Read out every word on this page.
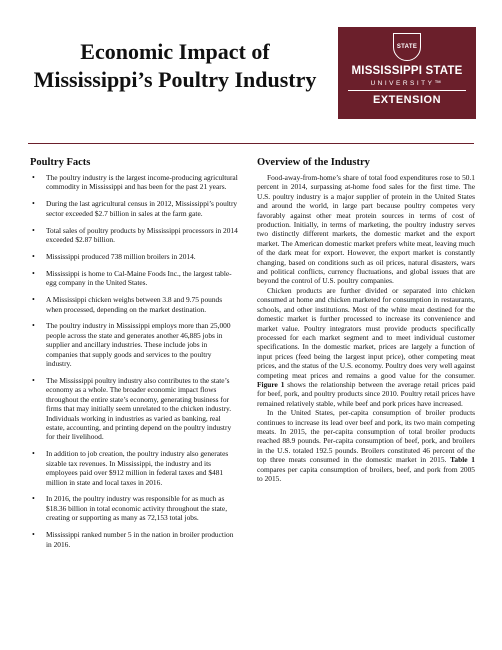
Economic Impact of
Mississippi’s Poultry Industry
STATE
MISSISSIPPI STATE
UNIVERSITY™
EXTENSION
Poultry Facts
• The poultry industry is the largest income-producing agricultural commodity in Mississippi and has been for the past 21 years.
• During the last agricultural census in 2012, Mississippi’s poultry sector exceeded $2.7 billion in sales at the farm gate.
• Total sales of poultry products by Mississippi processors in 2014 exceeded $2.87 billion.
• Mississippi produced 738 million broilers in 2014.
• Mississippi is home to Cal-Maine Foods Inc., the largest table-egg company in the United States.
• A Mississippi chicken weighs between 3.8 and 9.75 pounds when processed, depending on the market destination.
• The poultry industry in Mississippi employs more than 25,000 people across the state and generates another 46,885 jobs in supplier and ancillary industries. These include jobs in companies that supply goods and services to the poultry industry.
• The Mississippi poultry industry also contributes to the state’s economy as a whole. The broader economic impact flows throughout the entire state’s economy, generating business for firms that may initially seem unrelated to the chicken industry. Individuals working in industries as varied as banking, real estate, accounting, and printing depend on the poultry industry for their livelihood.
• In addition to job creation, the poultry industry also generates sizable tax revenues. In Mississippi, the industry and its employees paid over $912 million in federal taxes and $481 million in state and local taxes in 2016.
• In 2016, the poultry industry was responsible for as much as $18.36 billion in total economic activity throughout the state, creating or supporting as many as 72,153 total jobs.
• Mississippi ranked number 5 in the nation in broiler production in 2016.
Overview of the Industry

Food-away-from-home’s share of total food expenditures rose to 50.1 percent in 2014, surpassing at-home food sales for the first time. The U.S. poultry industry is a major supplier of protein in the United States and around the world, in large part because poultry competes very favorably against other meat protein sources in terms of cost of production. Initially, in terms of marketing, the poultry industry serves two distinctly different markets, the domestic market and the export market. The American domestic market prefers white meat, leaving much of the dark meat for export. However, the export market is constantly changing, based on conditions such as oil prices, natural disasters, wars and political conflicts, currency fluctuations, and global issues that are beyond the control of U.S. poultry companies.

Chicken products are further divided or separated into chicken consumed at home and chicken marketed for consumption in restaurants, schools, and other institutions. Most of the white meat destined for the domestic market is further processed to increase its convenience and market value. Poultry integrators must provide products specifically processed for each market segment and to meet individual customer specifications. In the domestic market, prices are largely a function of input prices (feed being the largest input price), other competing meat prices, and the status of the U.S. economy. Poultry does very well against competing meat prices and remains a good value for the consumer. Figure 1 shows the relationship between the average retail prices paid for beef, pork, and poultry products since 2010. Poultry retail prices have remained relatively stable, while beef and pork prices have increased.

In the United States, per-capita consumption of broiler products continues to increase its lead over beef and pork, its two main competing meats. In 2015, the per-capita consumption of total broiler products reached 88.9 pounds. Per-capita consumption of beef, pork, and broilers in the U.S. totaled 192.5 pounds. Broilers constituted 46 percent of the top three meats consumed in the domestic market in 2015. Table 1 compares per capita consumption of broilers, beef, and pork from 2005 to 2015.
